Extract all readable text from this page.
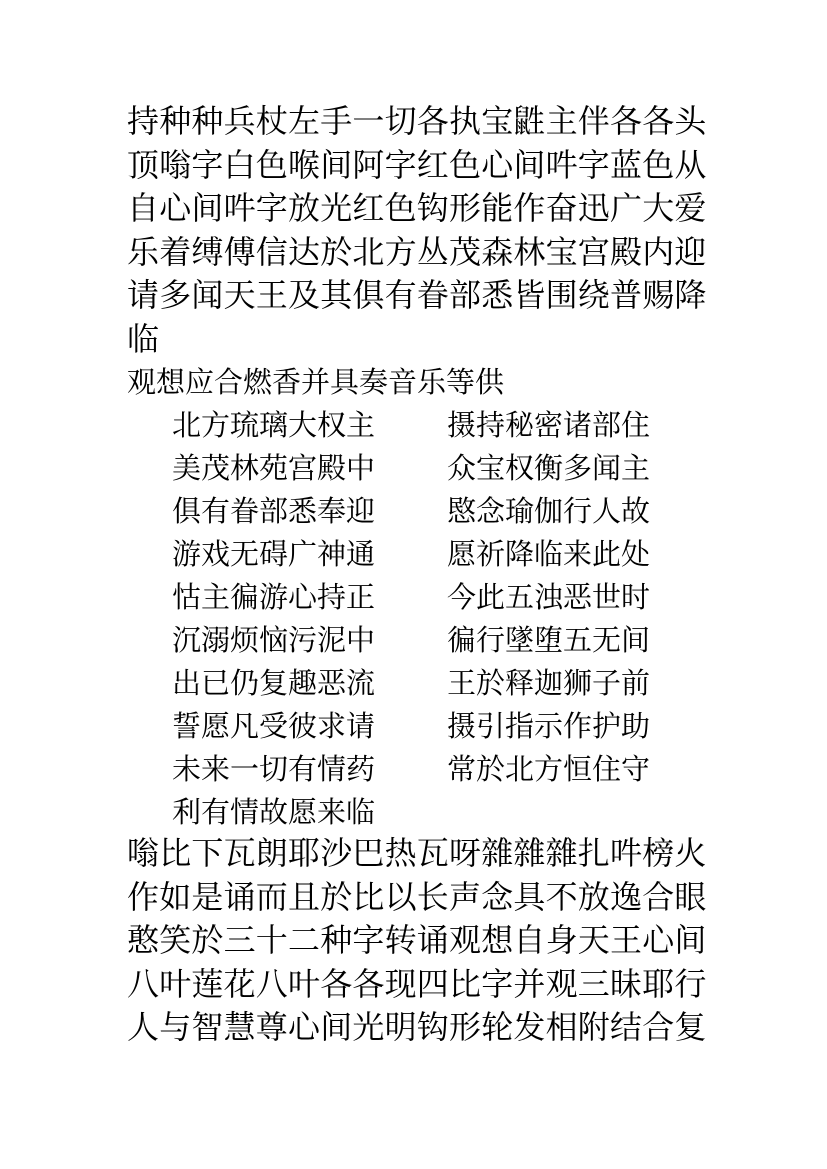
持种种兵杖左手一切各执宝鼪主伴各各头
顶嗡字白色喉间阿字红色心间吽字蓝色从
自心间吽字放光红色钩形能作奋迅广大爱
乐着缚傅信达於北方丛茂森林宝宫殿内迎
请多闻天王及其俱有眷部悉皆围绕普赐降
临
观想应合燃香并具奏音乐等供
北方琉璃大权主	摄持秘密诸部住
美茂林苑宫殿中	众宝权衡多闻主
俱有眷部悉奉迎	愍念瑜伽行人故
游戏无碍广神通	愿祈降临来此处
怙主徧游心持正	今此五浊恶世时
沉溺烦恼污泥中	徧行墜堕五无间
出已仍复趣恶流	王於释迦狮子前
誓愿凡受彼求请	摄引指示作护助
未来一切有情药	常於北方恒住守
利有情故愿来临
嗡比下瓦朗耶沙巴热瓦呀雜雜雜扎吽榜火
作如是诵而且於比以长声念具不放逸合眼
憨笑於三十二种字转诵观想自身天王心间
八叶莲花八叶各各现四比字并观三昧耶行
人与智慧尊心间光明钩形轮发相附结合复
